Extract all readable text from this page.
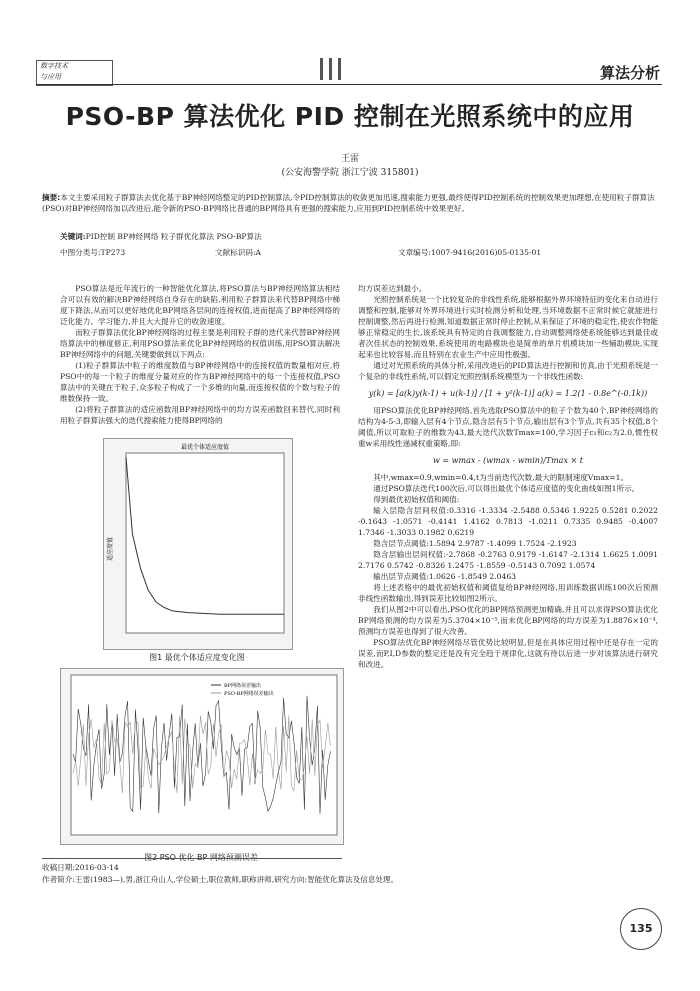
数字技术
与应用	算法分析
PSO-BP 算法优化 PID 控制在光照系统中的应用
王雷
(公安海警学院 浙江宁波 315801)
摘要:本文主要采用粒子群算法去优化基于BP神经网络整定的PID控制算法,令PID控制算法的收敛更加迅速,搜索能力更强,最终使得PID控制系统的控制效果更加理想,在使用粒子群算法(PSO)对BP神经网络加以改进后,能令新的PSO-BP网络比普通的BP网络具有更强的搜索能力,应用到PID控制系统中效果更好。
关键词:PID控制 BP神经网络 粒子群优化算法 PSO-BP算法
中图分类号:TP273	文献标识码:A	文章编号:1007-9416(2016)05-0135-01

PSO算法是近年流行的一种智能优化算法,将PSO算法与BP神经网络算法相结合可以有效的解决BP神经网络自身存在的缺陷,利用粒子群算法来代替BP网络中梯度下降法,从而可以更好地优化BP网络各层间的连接权值,进而提高了BP神经网络的泛化能力、学习能力,并且大大提升它的收敛速度。

而粒子群算法优化BP神经网络的过程主要是利用粒子群的迭代来代替BP神经网络算法中的梯度修正,利用PSO算法来优化BP神经网络的权值训练,用PSO算法解决BP神经网络中的问题,关键要做到以下两点:

(1)粒子群算法中粒子的维度数值与BP神经网络中的连接权值的数量相对应,将PSO中的每一个粒子的维度分量对应的作为BP神经网络中的每一个连接权值,PSO算法中的关键在于粒子,众多粒子构成了一个多维的向量,而连接权值的个数与粒子的维数保持一致。

(2)将粒子群算法的适应函数用BP神经网络中的均方误差函数回来替代,同时利用粒子群算法强大的迭代搜索能力使得BP网络的

最优个体适应度值
适应度值
图1 最优个体适应度变化图
BP网络误差输出
PSO-BP网络误差输出
均方误差达到最小。

光照控制系统是一个比较复杂的非线性系统,能够根据外界环境特征的变化来自动进行调整和控制,能够对外界环境进行实时检测分析和处理,当环境数据不正常时候它就能进行控制调整,然后再进行检测,知道数据正常时停止控制,从来保证了环境的稳定性,使农作物能够正常稳定的生长,该系统具有特定的自我调整能力,自动调整网络使系统能够达到最佳或者次佳状态的控制效果,系统使用的电路模块也是简单的单片机模块加一些辅助模块,实现起来也比较容易,而且特别在农业生产中应用性极强。

通过对光照系统的具体分析,采用改进后的PID算法进行控制和仿真,由于光照系统是一个复杂的非线性系统,可以假定光照控制系统模型为一个非线性函数:

y(k) = [a(k)y(k-1) + u(k-1)] / [1 + y²(k-1)] a(k) = 1.2(1 - 0.8e^(-0.1k))

用PSO算法优化BP神经网络,首先选取PSO算法中的粒子个数为40个,BP神经网络的结构为4-5-3,即输入层有4个节点,隐含层有5个节点,输出层有3个节点,共有35个权值,8个阈值,所以可取粒子的维数为43,最大迭代次数Tmax=100,学习因子c₁和c₂为2.0,惯性权重w采用线性递减权重策略,即:

w = wmax - (wmax - wmin)/Tmax × t

其中,wmax=0.9,wmin=0.4,t为当前迭代次数,最大的限制速度Vmax=1。

通过PSO算法迭代100次后,可以得出最优个体适应度值的变化曲线如图1所示。

得到最优初始权值和阈值:

输入层隐含层间权值:0.3316 -1.3334 -2.5488 0.5346 1.9225 0.5281 0.2022 -0.1643 -1.0571 -0.4141 1.4162 0.7813 -1.0211 0.7335 0.9485 -0.4007 1.7346 -1.3033 0.1982 0.6219

隐含层节点阈值:1.5894 2.9787 -1.4099 1.7524 -2.1923

隐含层输出层间权值:-2.7868 -0.2763 0.9179 -1.6147 -2.1314 1.6625 1.0091 2.7176 0.5742 -0.8326 1.2475 -1.8559 -0.5143 0.7092 1.0574

输出层节点阈值:1.0626 -1.8549 2.0463

将上述表格中的最优初始权值和阈值复给BP神经网络,用训练数据训练100次后预测非线性函数输出,得到误差比较如图2所示。

我们从图2中可以看出,PSO优化的BP网络预测更加精确,并且可以求得PSO算法优化BP网络预测的均方误差为5.3704×10⁻⁵,而未优化BP网络的均方误差为1.8876×10⁻⁴,预测均方误差也得到了很大改善。

PSO算法优化BP神经网络尽管优势比较明显,但是在具体应用过程中还是存在一定的误差,而P,I,D参数的整定还是没有完全趋于规律化,这就有待以后进一步对该算法进行研究和改进。

收稿日期:2016-03-14
作者简介:王雷(1983—),男,浙江舟山人,学位硕士,职位教师,职称讲师,研究方向:智能优化算法及信息处理。
135
